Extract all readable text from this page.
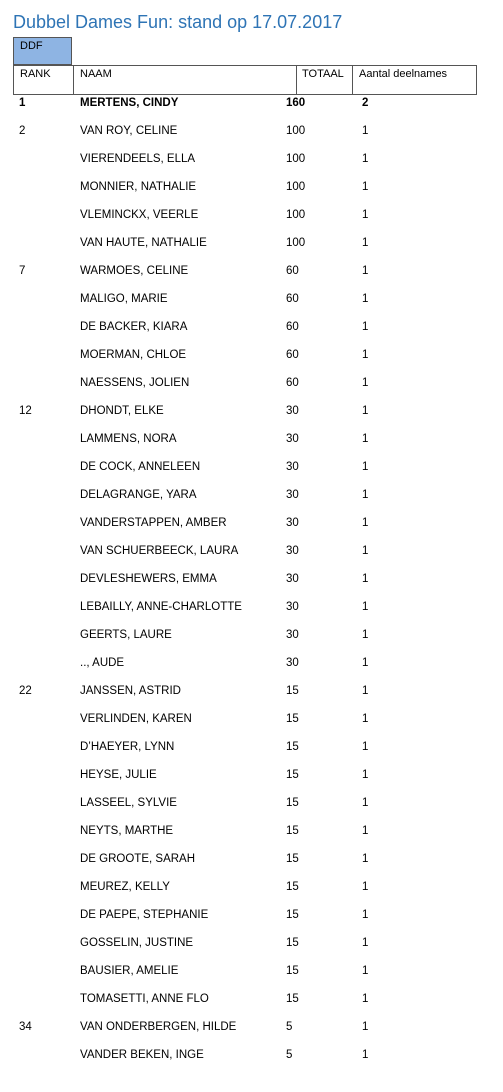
Dubbel Dames Fun: stand op 17.07.2017
DDF
RANK	NAAM	TOTAAL	Aantal deelnames
1	MERTENS, CINDY	160	2
2	VAN ROY, CELINE	100	1
VIERENDEELS, ELLA	100	1
MONNIER, NATHALIE	100	1
VLEMINCKX, VEERLE	100	1
VAN HAUTE, NATHALIE	100	1
7	WARMOES, CELINE	60	1
MALIGO, MARIE	60	1
DE BACKER, KIARA	60	1
MOERMAN, CHLOE	60	1
NAESSENS, JOLIEN	60	1
12	DHONDT, ELKE	30	1
LAMMENS, NORA	30	1
DE COCK, ANNELEEN	30	1
DELAGRANGE, YARA	30	1
VANDERSTAPPEN, AMBER	30	1
VAN SCHUERBEECK, LAURA	30	1
DEVLESHEWERS, EMMA	30	1
LEBAILLY, ANNE-CHARLOTTE	30	1
GEERTS, LAURE	30	1
.., AUDE	30	1
22	JANSSEN, ASTRID	15	1
VERLINDEN, KAREN	15	1
D’HAEYER, LYNN	15	1
HEYSE, JULIE	15	1
LASSEEL, SYLVIE	15	1
NEYTS, MARTHE	15	1
DE GROOTE, SARAH	15	1
MEUREZ, KELLY	15	1
DE PAEPE, STEPHANIE	15	1
GOSSELIN, JUSTINE	15	1
BAUSIER, AMELIE	15	1
TOMASETTI, ANNE FLO	15	1
34	VAN ONDERBERGEN, HILDE	5	1
VANDER BEKEN, INGE	5	1
